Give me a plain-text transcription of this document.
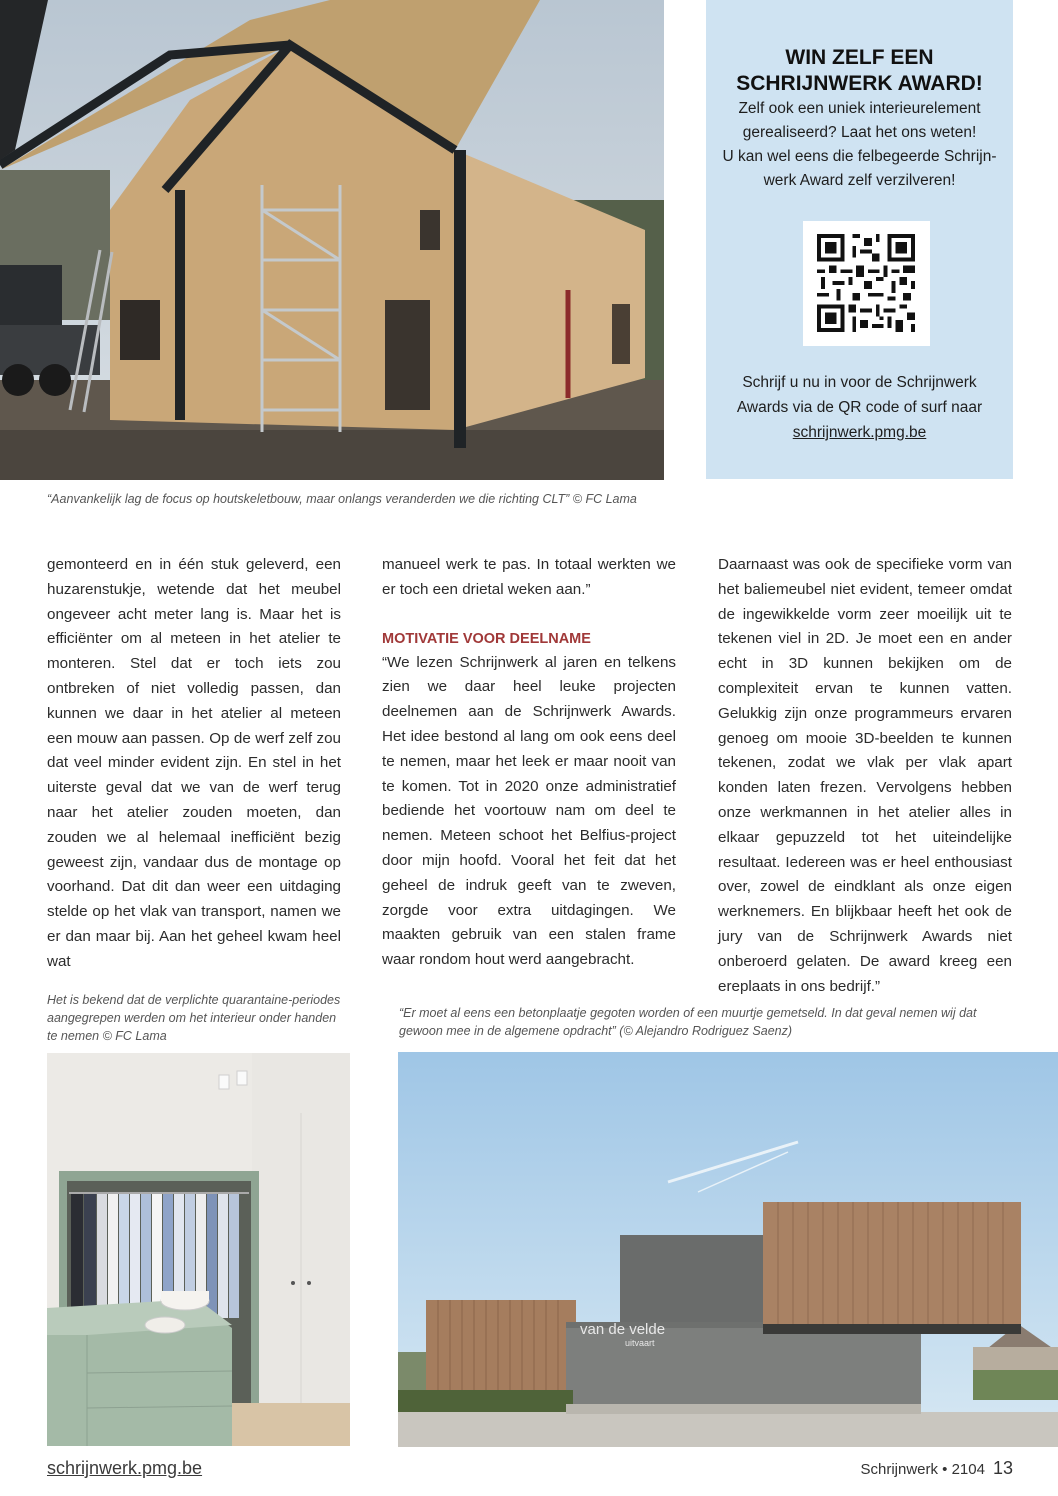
WIN ZELF EEN
SCHRIJNWERK AWARD!
Zelf ook een uniek interieurelement
gerealiseerd? Laat het ons weten!
U kan wel eens die felbegeerde Schrijn-
werk Award zelf verzilveren!
Schrijf u nu in voor de Schrijnwerk
Awards via de QR code of surf naar
schrijnwerk.pmg.be
“Aanvankelijk lag de focus op houtskeletbouw, maar onlangs veranderden we die richting CLT” © FC Lama

gemonteerd en in één stuk geleverd, een huzarenstukje, wetende dat het meubel ongeveer acht meter lang is. Maar het is efficiënter om al meteen in het atelier te monteren. Stel dat er toch iets zou ontbreken of niet volledig passen, dan kunnen we daar in het atelier al meteen een mouw aan passen. Op de werf zelf zou dat veel minder evident zijn. En stel in het uiterste geval dat we van de werf terug naar het atelier zouden moeten, dan zouden we al helemaal inefficiënt bezig geweest zijn, vandaar dus de montage op voorhand. Dat dit dan weer een uitdaging stelde op het vlak van transport, namen we er dan maar bij. Aan het geheel kwam heel wat

manueel werk te pas. In totaal werkten we er toch een drietal weken aan.”

MOTIVATIE VOOR DEELNAME

“We lezen Schrijnwerk al jaren en telkens zien we daar heel leuke projecten deelnemen aan de Schrijnwerk Awards. Het idee bestond al lang om ook eens deel te nemen, maar het leek er maar nooit van te komen. Tot in 2020 onze administratief bediende het voortouw nam om deel te nemen. Meteen schoot het Belfius-project door mijn hoofd. Vooral het feit dat het geheel de indruk geeft van te zweven, zorgde voor extra uitdagingen. We maakten gebruik van een stalen frame waar rondom hout werd aangebracht.

Daarnaast was ook de specifieke vorm van het baliemeubel niet evident, temeer omdat de ingewikkelde vorm zeer moeilijk uit te tekenen viel in 2D. Je moet een en ander echt in 3D kunnen bekijken om de complexiteit ervan te kunnen vatten. Gelukkig zijn onze programmeurs ervaren genoeg om mooie 3D-beelden te kunnen tekenen, zodat we vlak per vlak apart konden laten frezen. Vervolgens hebben onze werkmannen in het atelier alles in elkaar gepuzzeld tot het uiteindelijke resultaat. Iedereen was er heel enthousiast over, zowel de eindklant als onze eigen werknemers. En blijkbaar heeft het ook de jury van de Schrijnwerk Awards niet onberoerd gelaten. De award kreeg een ereplaats in ons bedrijf.”

Het is bekend dat de verplichte quarantaine-periodes aangegrepen werden om het interieur onder handen te nemen © FC Lama
“Er moet al eens een betonplaatje gegoten worden of een muurtje gemetseld. In dat geval nemen wij dat gewoon mee in de algemene opdracht” (© Alejandro Rodriguez Saenz)
van de velde
uitvaart
schrijnwerk.pmg.be	Schrijnwerk • 2104 13
